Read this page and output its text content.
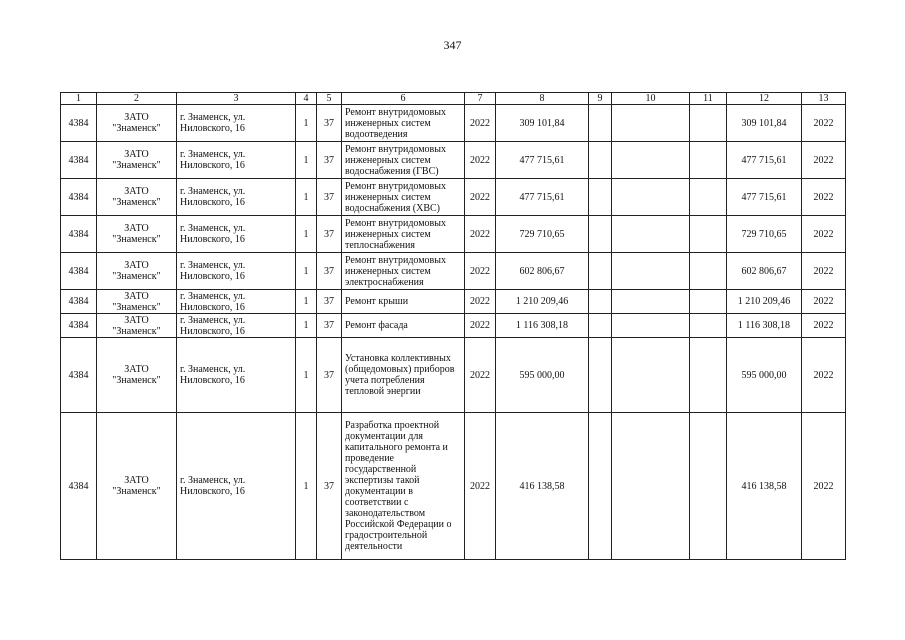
347
1	2	3	4	5	6	7	8	9	10	11	12	13
4384	ЗАТО "Знаменск"	г. Знаменск, ул. Ниловского, 16	1	37	Ремонт внутридомовых инженерных систем водоотведения	2022	309 101,84				309 101,84	2022
4384	ЗАТО "Знаменск"	г. Знаменск, ул. Ниловского, 16	1	37	Ремонт внутридомовых инженерных систем водоснабжения (ГВС)	2022	477 715,61				477 715,61	2022
4384	ЗАТО "Знаменск"	г. Знаменск, ул. Ниловского, 16	1	37	Ремонт внутридомовых инженерных систем водоснабжения (ХВС)	2022	477 715,61				477 715,61	2022
4384	ЗАТО "Знаменск"	г. Знаменск, ул. Ниловского, 16	1	37	Ремонт внутридомовых инженерных систем теплоснабжения	2022	729 710,65				729 710,65	2022
4384	ЗАТО "Знаменск"	г. Знаменск, ул. Ниловского, 16	1	37	Ремонт внутридомовых инженерных систем электроснабжения	2022	602 806,67				602 806,67	2022
4384	ЗАТО "Знаменск"	г. Знаменск, ул. Ниловского, 16	1	37	Ремонт крыши	2022	1 210 209,46				1 210 209,46	2022
4384	ЗАТО "Знаменск"	г. Знаменск, ул. Ниловского, 16	1	37	Ремонт фасада	2022	1 116 308,18				1 116 308,18	2022
4384	ЗАТО "Знаменск"	г. Знаменск, ул. Ниловского, 16	1	37	Установка коллективных (общедомовых) приборов учета потребления тепловой энергии	2022	595 000,00				595 000,00	2022
4384	ЗАТО "Знаменск"	г. Знаменск, ул. Ниловского, 16	1	37	Разработка проектной документации для капитального ремонта и проведение государственной экспертизы такой документации в соответствии с законодательством Российской Федерации о градостроительной деятельности	2022	416 138,58				416 138,58	2022
